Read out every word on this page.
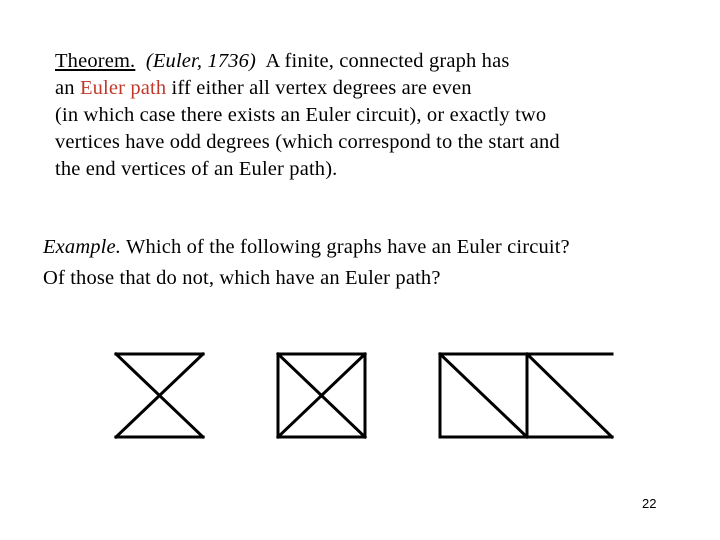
Theorem. (Euler, 1736) A finite, connected graph has
an Euler path iff either all vertex degrees are even
(in which case there exists an Euler circuit), or exactly two
vertices have odd degrees (which correspond to the start and
the end vertices of an Euler path).
Example. Which of the following graphs have an Euler circuit?
Of those that do not, which have an Euler path?
22
